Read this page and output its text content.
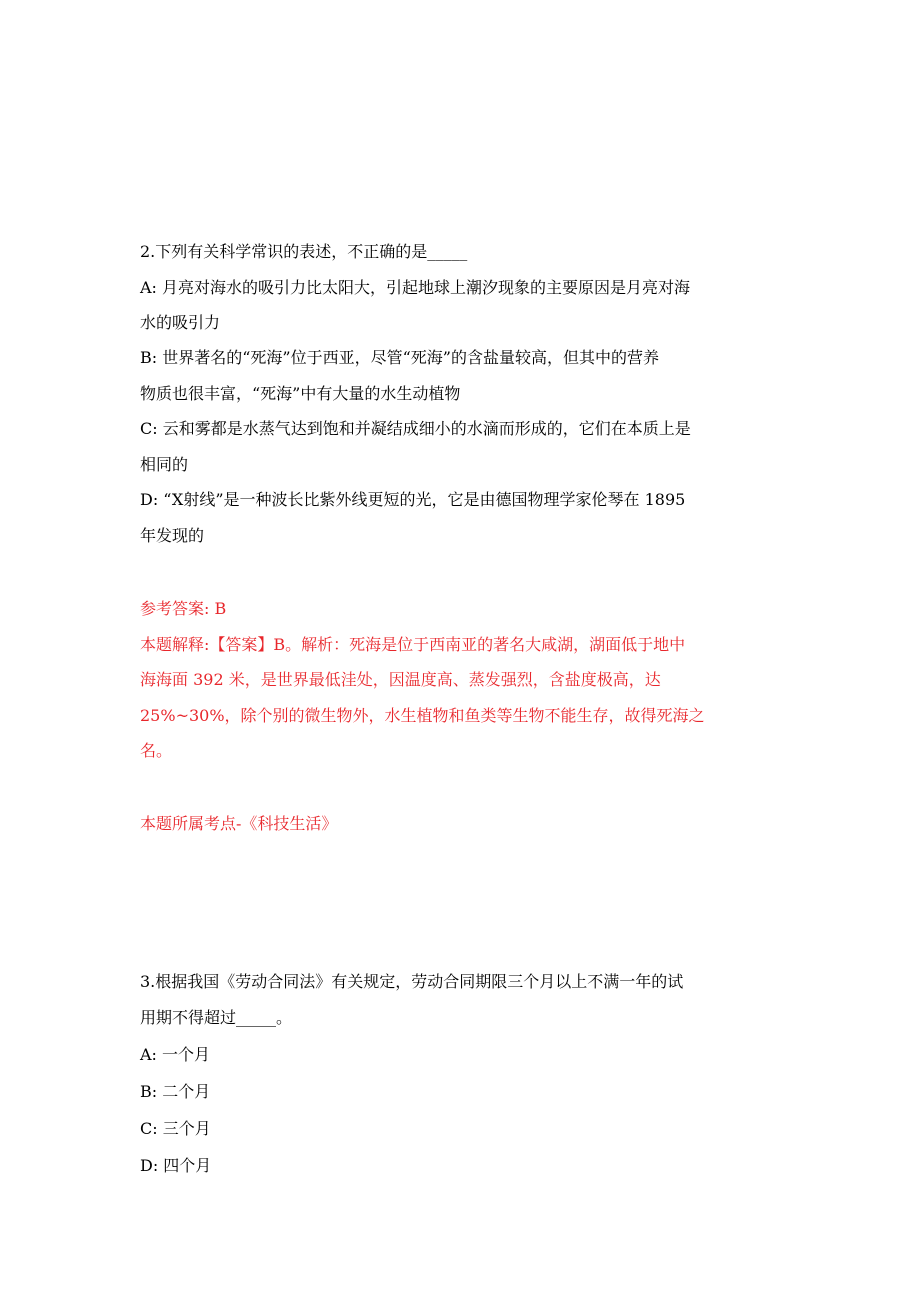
2.下列有关科学常识的表述，不正确的是_____
A: 月亮对海水的吸引力比太阳大，引起地球上潮汐现象的主要原因是月亮对海
水的吸引力
B: 世界著名的“死海”位于西亚，尽管“死海”的含盐量较高，但其中的营养
物质也很丰富，“死海”中有大量的水生动植物
C: 云和雾都是水蒸气达到饱和并凝结成细小的水滴而形成的，它们在本质上是
相同的
D: “X射线”是一种波长比紫外线更短的光，它是由德国物理学家伦琴在 1895
年发现的
参考答案: B
本题解释:【答案】B。解析：死海是位于西南亚的著名大咸湖，湖面低于地中
海海面 392 米，是世界最低洼处，因温度高、蒸发强烈，含盐度极高，达
25%~30%，除个别的微生物外，水生植物和鱼类等生物不能生存，故得死海之
名。
本题所属考点-《科技生活》
3.根据我国《劳动合同法》有关规定，劳动合同期限三个月以上不满一年的试
用期不得超过_____。
A: 一个月
B: 二个月
C: 三个月
D: 四个月
